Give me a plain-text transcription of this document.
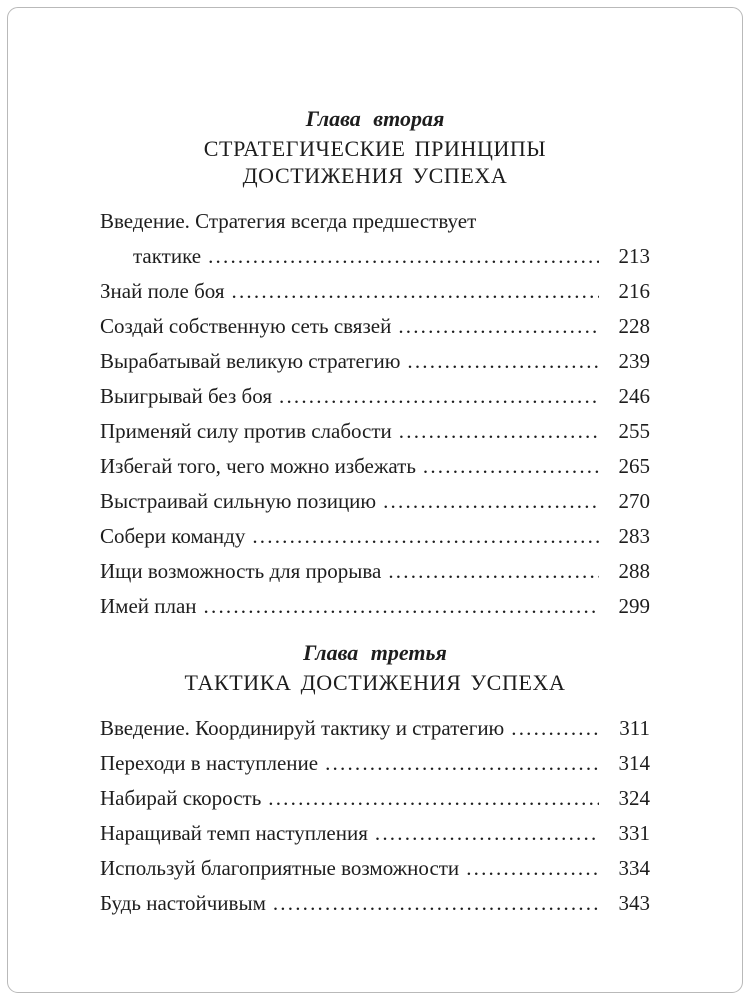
Глава вторая
СТРАТЕГИЧЕСКИЕ ПРИНЦИПЫ
ДОСТИЖЕНИЯ УСПЕХА
Введение. Стратегия всегда предшествует
тактике .....	213
Знай поле боя .....	216
Создай собственную сеть связей .....	228
Вырабатывай великую стратегию .....	239
Выигрывай без боя .....	246
Применяй силу против слабости .....	255
Избегай того, чего можно избежать .....	265
Выстраивай сильную позицию .....	270
Собери команду .....	283
Ищи возможность для прорыва .....	288
Имей план .....	299
Глава третья
ТАКТИКА ДОСТИЖЕНИЯ УСПЕХА
Введение. Координируй тактику и стратегию .....	311
Переходи в наступление .....	314
Набирай скорость .....	324
Наращивай темп наступления .....	331
Используй благоприятные возможности .....	334
Будь настойчивым .....	343
